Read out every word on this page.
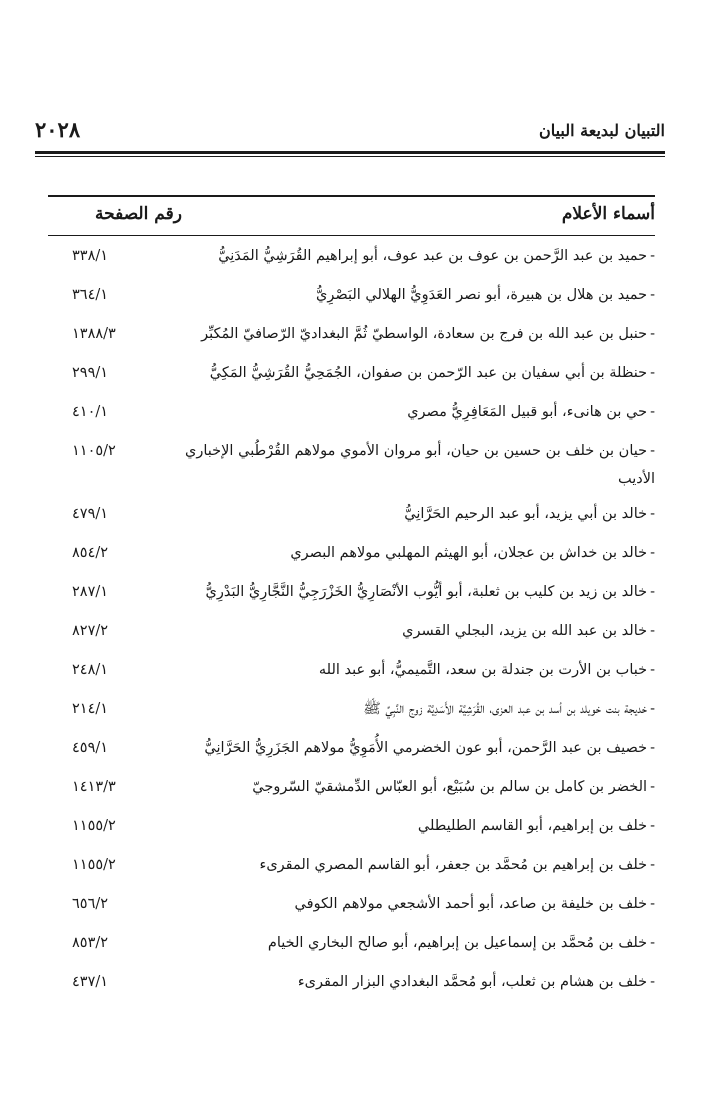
٢٠٢٨	التبيان لبديعة البيان
أسماء الأعلام
رقم الصفحة
-حميد بن عبد الرَّحمن بن عوف بن عبد عوف، أبو إبراهيم القُرَشِيُّ المَدَنِيُّ
٣٣٨/١
-حميد بن هلال بن هبيرة، أبو نصر العَدَوِيُّ الهلالي البَصْرِيُّ
٣٦٤/١
-حنبل بن عبد الله بن فرج بن سعادة، الواسطيّ ثُمَّ البغداديّ الرّصافيّ المُكبِّر
١٣٨٨/٣
-حنظلة بن أبي سفيان بن عبد الرّحمن بن صفوان، الجُمَحِيُّ القُرَشِيُّ المَكِيُّ
٢٩٩/١
-حي بن هانىء، أبو قبيل المَعَافِرِيُّ مصري
٤١٠/١
-حيان بن خلف بن حسين بن حيان، أبو مروان الأموي مولاهم القُرْطُبي الإخباري الأديب
١١٠٥/٢
-خالد بن أبي يزيد، أبو عبد الرحيم الحَرَّانِيُّ
٤٧٩/١
-خالد بن خداش بن عجلان، أبو الهيثم المهلبي مولاهم البصري
٨٥٤/٢
-خالد بن زيد بن كليب بن ثعلبة، أبو أيُّوب الأنْصَارِيُّ الخَزْرَجِيُّ النَّجَّارِيُّ البَدْرِيُّ
٢٨٧/١
-خالد بن عبد الله بن يزيد، البجلي القسري
٨٢٧/٢
-خباب بن الأرت بن جندلة بن سعد، التَّميميُّ، أبو عبد الله
٢٤٨/١
-خديجة بنت خويلد بن أسد بن عبد العزى، القُرَشِيَّة الأَسَدِيَّة زوج النَّبِيِّ ﷺ
٢١٤/١
-خصيف بن عبد الرَّحمن، أبو عون الخضرمي الأُمَوِيُّ مولاهم الجَزَرِيُّ الحَرَّانِيُّ
٤٥٩/١
-الخضر بن كامل بن سالم بن سُبَيْع، أبو العبّاس الدِّمشقيّ السّروجيّ
١٤١٣/٣
-خلف بن إبراهيم، أبو القاسم الطليطلي
١١٥٥/٢
-خلف بن إبراهيم بن مُحمَّد بن جعفر، أبو القاسم المصري المقرىء
١١٥٥/٢
-خلف بن خليفة بن صاعد، أبو أحمد الأشجعي مولاهم الكوفي
٦٥٦/٢
-خلف بن مُحمَّد بن إسماعيل بن إبراهيم، أبو صالح البخاري الخيام
٨٥٣/٢
-خلف بن هشام بن ثعلب، أبو مُحمَّد البغدادي البزار المقرىء
٤٣٧/١
